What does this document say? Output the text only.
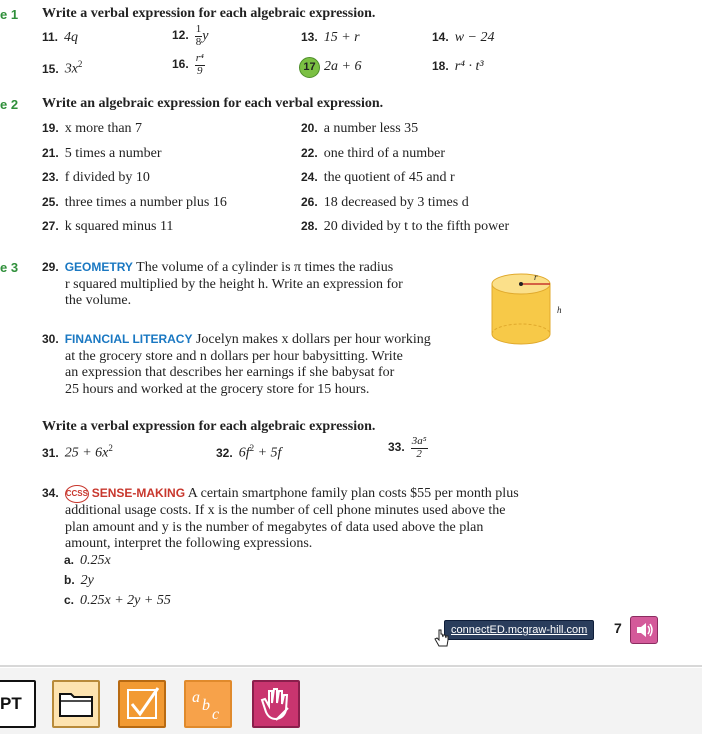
e 1 Write a verbal expression for each algebraic expression.
11. 4q	12. $\frac{1}{8}$ y	13. 15 + r	14. w − 24
15. $3x^2$	16. $\frac{\text{r⁴}}{9}$	17 2a + 6	18. r⁴ · t³
e 2 Write an algebraic expression for each verbal expression.
19. x more than 7	20. a number less 35
21. 5 times a number	22. one third of a number
23. f divided by 10	24. the quotient of 45 and r
25. three times a number plus 16	26. 18 decreased by 3 times d
27. k squared minus 11	28. 20 divided by t to the fifth power
e 3	29. GEOMETRY The volume of a cylinder is π times the radius
r squared multiplied by the height h. Write an expression for
the volume.
r
h
30. FINANCIAL LITERACY Jocelyn makes x dollars per hour working
at the grocery store and n dollars per hour babysitting. Write
an expression that describes her earnings if she babysat for
25 hours and worked at the grocery store for 15 hours.
Write a verbal expression for each algebraic expression.
31. $25 + 6x^2$	32. $6f^2 + 5f$	33. $\frac{\text{3a⁵}}{2}$
34. CCSS SENSE-MAKING A certain smartphone family plan costs $55 per month plus
additional usage costs. If x is the number of cell phone minutes used above the
plan amount and y is the number of megabytes of data used above the plan
amount, interpret the following expressions.
a. 0.25x
b. 2y
c. 0.25x + 2y + 55
connectED.mcgraw-hill.com	7
PT	a b
c
